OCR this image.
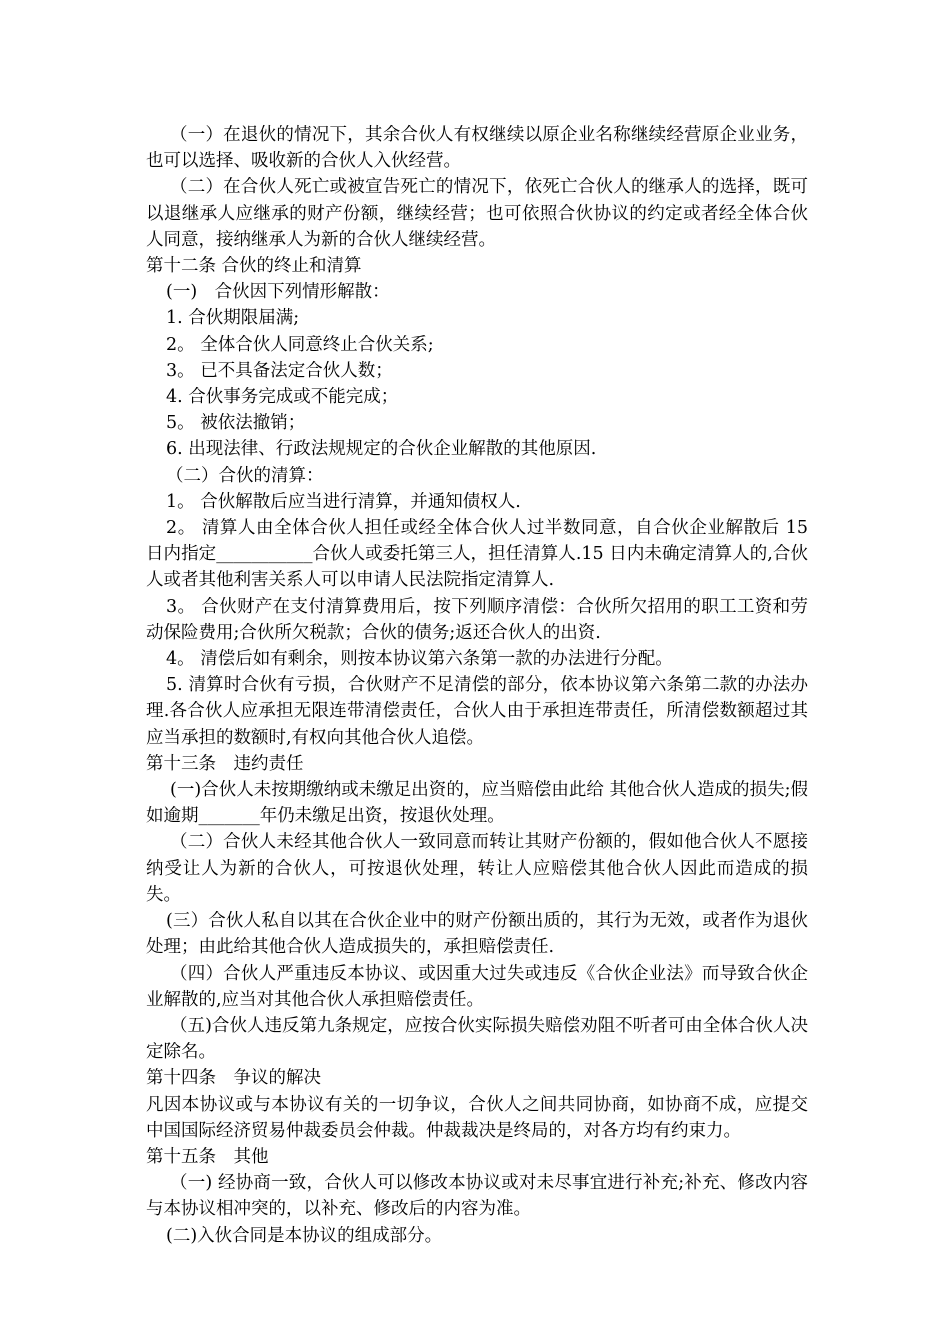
（一）在退伙的情况下，其余合伙人有权继续以原企业名称继续经营原企业业务，也可以选择、吸收新的合伙人入伙经营。

（二）在合伙人死亡或被宣告死亡的情况下，依死亡合伙人的继承人的选择，既可以退继承人应继承的财产份额，继续经营；也可依照合伙协议的约定或者经全体合伙人同意，接纳继承人为新的合伙人继续经营。

第十二条 合伙的终止和清算

(一)　合伙因下列情形解散：

1. 合伙期限届满;

2。 全体合伙人同意终止合伙关系;

3。 已不具备法定合伙人数；

4. 合伙事务完成或不能完成；

5。 被依法撤销；

6. 出现法律、行政法规规定的合伙企业解散的其他原因.

（二）合伙的清算：

1。 合伙解散后应当进行清算，并通知债权人.

2。 清算人由全体合伙人担任或经全体合伙人过半数同意，自合伙企业解散后 15 日内指定___________合伙人或委托第三人，担任清算人.15 日内未确定清算人的,合伙人或者其他利害关系人可以申请人民法院指定清算人.

3。 合伙财产在支付清算费用后，按下列顺序清偿：合伙所欠招用的职工工资和劳动保险费用;合伙所欠税款；合伙的债务;返还合伙人的出资.

4。 清偿后如有剩余，则按本协议第六条第一款的办法进行分配。

5. 清算时合伙有亏损，合伙财产不足清偿的部分，依本协议第六条第二款的办法办理.各合伙人应承担无限连带清偿责任，合伙人由于承担连带责任，所清偿数额超过其应当承担的数额时,有权向其他合伙人追偿。

第十三条　违约责任

(一)合伙人未按期缴纳或未缴足出资的，应当赔偿由此给 其他合伙人造成的损失;假如逾期_______年仍未缴足出资，按退伙处理。

（二）合伙人未经其他合伙人一致同意而转让其财产份额的，假如他合伙人不愿接纳受让人为新的合伙人，可按退伙处理，转让人应赔偿其他合伙人因此而造成的损失。

(三）合伙人私自以其在合伙企业中的财产份额出质的，其行为无效，或者作为退伙处理；由此给其他合伙人造成损失的，承担赔偿责任.

（四）合伙人严重违反本协议、或因重大过失或违反《合伙企业法》而导致合伙企业解散的,应当对其他合伙人承担赔偿责任。

（五)合伙人违反第九条规定，应按合伙实际损失赔偿劝阻不听者可由全体合伙人决定除名。

第十四条　争议的解决

凡因本协议或与本协议有关的一切争议，合伙人之间共同协商，如协商不成，应提交中国国际经济贸易仲裁委员会仲裁。仲裁裁决是终局的，对各方均有约束力。

第十五条　其他

（一) 经协商一致，合伙人可以修改本协议或对未尽事宜进行补充;补充、修改内容与本协议相冲突的，以补充、修改后的内容为准。

(二)入伙合同是本协议的组成部分。
